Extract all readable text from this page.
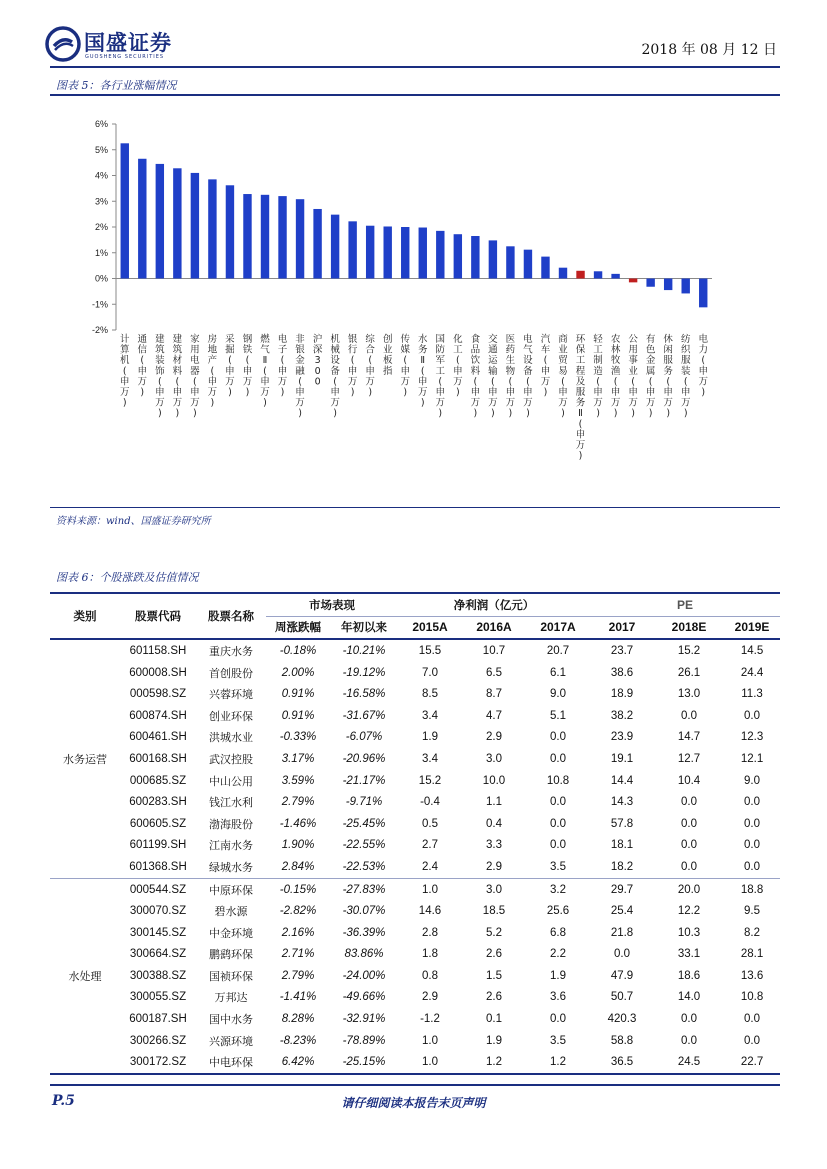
国盛证券
GUOSHENG SECURITIES	2018 年 08 月 12 日
图表 5：各行业涨幅情况
6%
5%
4%
3%
2%
1%
0%
-1%
-2%
计算机(申万)
通信(申万)
建筑装饰(申万)
建筑材料(申万)
家用电器(申万)
房地产(申万)
采掘(申万)
钢铁(申万)
燃气 Ⅱ (申万)
电子(申万)
非银金融(申万)
沪深 3 0 0
机械设备(申万)
银行(申万)
综合(申万)
创业板指
传媒(申万)
水务 Ⅱ (申万)
国防军工(申万)
化工(申万)
食品饮料(申万)
交通运输(申万)
医药生物(申万)
电气设备(申万)
汽车(申万)
商业贸易(申万)
环保工程及服务 Ⅱ (申万)
轻工制造(申万)
农林牧渔(申万)
公用事业(申万)
有色金属(申万)
休闲服务(申万)
纺织服装(申万)
电力(申万)
资料来源：wind、国盛证券研究所
图表 6：个股涨跌及估值情况
类别	股票代码	股票名称	市场表现		净利润（亿元）			PE		
			周涨跌幅	年初以来	2015A	2016A	2017A	2017	2018E	2019E
水务运营	601158.SH	重庆水务	-0.18%	-10.21%	15.5	10.7	20.7	23.7	15.2	14.5
	600008.SH	首创股份	2.00%	-19.12%	7.0	6.5	6.1	38.6	26.1	24.4
	000598.SZ	兴蓉环境	0.91%	-16.58%	8.5	8.7	9.0	18.9	13.0	11.3
	600874.SH	创业环保	0.91%	-31.67%	3.4	4.7	5.1	38.2	0.0	0.0
	600461.SH	洪城水业	-0.33%	-6.07%	1.9	2.9	0.0	23.9	14.7	12.3
	600168.SH	武汉控股	3.17%	-20.96%	3.4	3.0	0.0	19.1	12.7	12.1
	000685.SZ	中山公用	3.59%	-21.17%	15.2	10.0	10.8	14.4	10.4	9.0
	600283.SH	钱江水利	2.79%	-9.71%	-0.4	1.1	0.0	14.3	0.0	0.0
	600605.SZ	渤海股份	-1.46%	-25.45%	0.5	0.4	0.0	57.8	0.0	0.0
	601199.SH	江南水务	1.90%	-22.55%	2.7	3.3	0.0	18.1	0.0	0.0
	601368.SH	绿城水务	2.84%	-22.53%	2.4	2.9	3.5	18.2	0.0	0.0
水处理	000544.SZ	中原环保	-0.15%	-27.83%	1.0	3.0	3.2	29.7	20.0	18.8
	300070.SZ	碧水源	-2.82%	-30.07%	14.6	18.5	25.6	25.4	12.2	9.5
	300145.SZ	中金环境	2.16%	-36.39%	2.8	5.2	6.8	21.8	10.3	8.2
	300664.SZ	鹏鹞环保	2.71%	83.86%	1.8	2.6	2.2	0.0	33.1	28.1
	300388.SZ	国祯环保	2.79%	-24.00%	0.8	1.5	1.9	47.9	18.6	13.6
	300055.SZ	万邦达	-1.41%	-49.66%	2.9	2.6	3.6	50.7	14.0	10.8
	600187.SH	国中水务	8.28%	-32.91%	-1.2	0.1	0.0	420.3	0.0	0.0
	300266.SZ	兴源环境	-8.23%	-78.89%	1.0	1.9	3.5	58.8	0.0	0.0
	300172.SZ	中电环保	6.42%	-25.15%	1.0	1.2	1.2	36.5	24.5	22.7
P.5	请仔细阅读本报告末页声明
